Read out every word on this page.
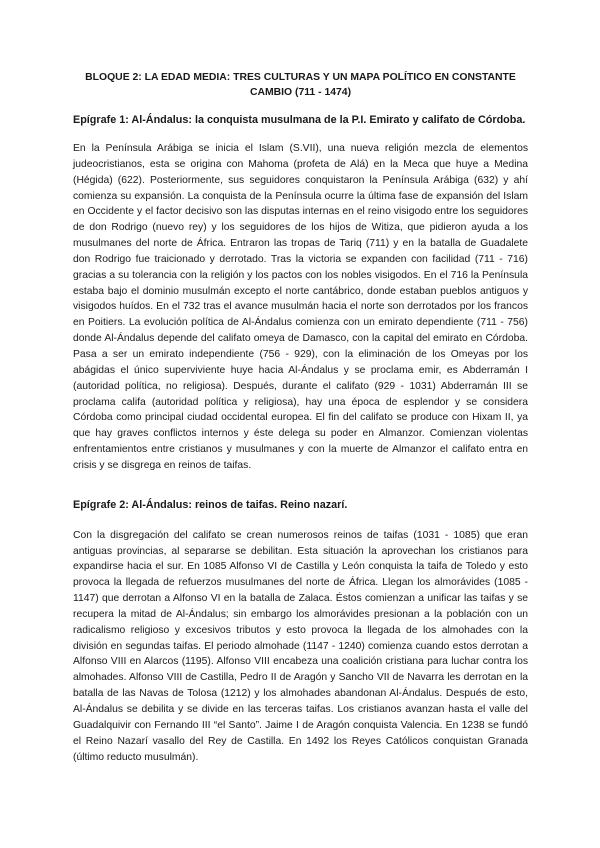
BLOQUE 2: LA EDAD MEDIA: TRES CULTURAS Y UN MAPA POLÍTICO EN CONSTANTE CAMBIO (711 - 1474)
Epígrafe 1: Al-Ándalus: la conquista musulmana de la P.I. Emirato y califato de Córdoba.

En la Península Arábiga se inicia el Islam (S.VII), una nueva religión mezcla de elementos judeocristianos, esta se origina con Mahoma (profeta de Alá) en la Meca que huye a Medina (Hégida) (622). Posteriormente, sus seguidores conquistaron la Península Arábiga (632) y ahí comienza su expansión. La conquista de la Península ocurre la última fase de expansión del Islam en Occidente y el factor decisivo son las disputas internas en el reino visigodo entre los seguidores de don Rodrigo (nuevo rey) y los seguidores de los hijos de Witiza, que pidieron ayuda a los musulmanes del norte de África. Entraron las tropas de Tariq (711) y en la batalla de Guadalete don Rodrigo fue traicionado y derrotado. Tras la victoria se expanden con facilidad (711 - 716) gracias a su tolerancia con la religión y los pactos con los nobles visigodos. En el 716 la Península estaba bajo el dominio musulmán excepto el norte cantábrico, donde estaban pueblos antiguos y visigodos huídos. En el 732 tras el avance musulmán hacia el norte son derrotados por los francos en Poitiers. La evolución política de Al-Ándalus comienza con un emirato dependiente (711 - 756) donde Al-Ándalus depende del califato omeya de Damasco, con la capital del emirato en Córdoba. Pasa a ser un emirato independiente (756 - 929), con la eliminación de los Omeyas por los abágidas el único superviviente huye hacia Al-Ándalus y se proclama emir, es Abderramán I (autoridad política, no religiosa). Después, durante el califato (929 - 1031) Abderramán III se proclama califa (autoridad política y religiosa), hay una época de esplendor y se considera Córdoba como principal ciudad occidental europea. El fin del califato se produce con Hixam II, ya que hay graves conflictos internos y éste delega su poder en Almanzor. Comienzan violentas enfrentamientos entre cristianos y musulmanes y con la muerte de Almanzor el califato entra en crisis y se disgrega en reinos de taifas.

Epígrafe 2: Al-Ándalus: reinos de taifas. Reino nazarí.

Con la disgregación del califato se crean numerosos reinos de taifas (1031 - 1085) que eran antiguas provincias, al separarse se debilitan. Esta situación la aprovechan los cristianos para expandirse hacia el sur. En 1085 Alfonso VI de Castilla y León conquista la taifa de Toledo y esto provoca la llegada de refuerzos musulmanes del norte de África. Llegan los almorávides (1085 - 1147) que derrotan a Alfonso VI en la batalla de Zalaca. Éstos comienzan a unificar las taifas y se recupera la mitad de Al-Ándalus; sin embargo los almorávides presionan a la población con un radicalismo religioso y excesivos tributos y esto provoca la llegada de los almohades con la división en segundas taifas. El periodo almohade (1147 - 1240) comienza cuando estos derrotan a Alfonso VIII en Alarcos (1195). Alfonso VIII encabeza una coalición cristiana para luchar contra los almohades. Alfonso VIII de Castilla, Pedro II de Aragón y Sancho VII de Navarra les derrotan en la batalla de las Navas de Tolosa (1212) y los almohades abandonan Al-Ándalus. Después de esto, Al-Ándalus se debilita y se divide en las terceras taifas. Los cristianos avanzan hasta el valle del Guadalquivir con Fernando III “el Santo”. Jaime I de Aragón conquista Valencia. En 1238 se fundó el Reino Nazarí vasallo del Rey de Castilla. En 1492 los Reyes Católicos conquistan Granada (último reducto musulmán).
